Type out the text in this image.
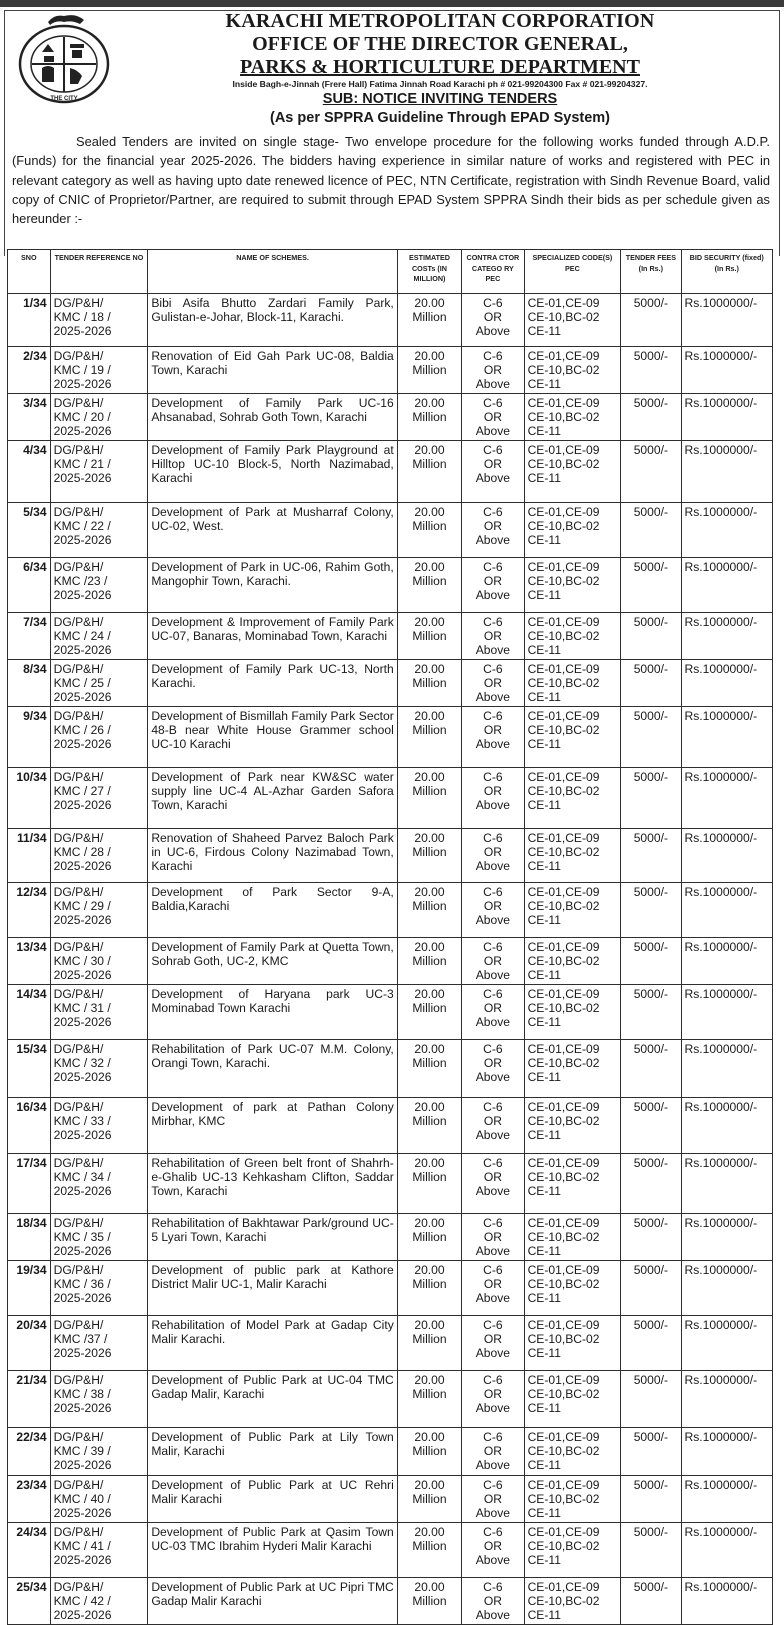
THE CITY
KARACHI METROPOLITAN CORPORATION
OFFICE OF THE DIRECTOR GENERAL,
PARKS & HORTICULTURE DEPARTMENT
Inside Bagh-e-Jinnah (Frere Hall) Fatima Jinnah Road Karachi ph # 021-99204300 Fax # 021-99204327.
SUB: NOTICE INVITING TENDERS
(As per SPPRA Guideline Through EPAD System)
Sealed Tenders are invited on single stage- Two envelope procedure for the following works funded through A.D.P. (Funds) for the financial year 2025-2026. The bidders having experience in similar nature of works and registered with PEC in relevant category as well as having upto date renewed licence of PEC, NTN Certificate, registration with Sindh Revenue Board, valid copy of CNIC of Proprietor/Partner, are required to submit through EPAD System SPPRA Sindh their bids as per schedule given as hereunder :-
SNO	TENDER REFERENCE NO	NAME OF SCHEMES.	ESTIMATED COSTs (IN MILLION)	CONTRA CTOR CATEGO RY PEC	SPECIALIZED CODE(S) PEC	TENDER FEES (In Rs.)	BID SECURITY (fixed) (In Rs.)
1/34	DG/P&H/
KMC / 18 /
2025-2026	Bibi Asifa Bhutto Zardari Family Park, Gulistan-e-Johar, Block-11, Karachi.	20.00
Million	C-6
OR
Above	CE-01,CE-09
CE-10,BC-02
CE-11	5000/-	Rs.1000000/-
2/34	DG/P&H/
KMC / 19 /
2025-2026	Renovation of Eid Gah Park UC-08, Baldia Town, Karachi	20.00
Million	C-6
OR
Above	CE-01,CE-09
CE-10,BC-02
CE-11	5000/-	Rs.1000000/-
3/34	DG/P&H/
KMC / 20 /
2025-2026	Development of Family Park UC-16 Ahsanabad, Sohrab Goth Town, Karachi	20.00
Million	C-6
OR
Above	CE-01,CE-09
CE-10,BC-02
CE-11	5000/-	Rs.1000000/-
4/34	DG/P&H/
KMC / 21 /
2025-2026	Development of Family Park Playground at Hilltop UC-10 Block-5, North Nazimabad, Karachi	20.00
Million	C-6
OR
Above	CE-01,CE-09
CE-10,BC-02
CE-11	5000/-	Rs.1000000/-
5/34	DG/P&H/
KMC / 22 /
2025-2026	Development of Park at Musharraf Colony, UC-02, West.	20.00
Million	C-6
OR
Above	CE-01,CE-09
CE-10,BC-02
CE-11	5000/-	Rs.1000000/-
6/34	DG/P&H/
KMC /23 /
2025-2026	Development of Park in UC-06, Rahim Goth, Mangophir Town, Karachi.	20.00
Million	C-6
OR
Above	CE-01,CE-09
CE-10,BC-02
CE-11	5000/-	Rs.1000000/-
7/34	DG/P&H/
KMC / 24 /
2025-2026	Development & Improvement of Family Park UC-07, Banaras, Mominabad Town, Karachi	20.00
Million	C-6
OR
Above	CE-01,CE-09
CE-10,BC-02
CE-11	5000/-	Rs.1000000/-
8/34	DG/P&H/
KMC / 25 /
2025-2026	Development of Family Park UC-13, North Karachi.	20.00
Million	C-6
OR
Above	CE-01,CE-09
CE-10,BC-02
CE-11	5000/-	Rs.1000000/-
9/34	DG/P&H/
KMC / 26 /
2025-2026	Development of Bismillah Family Park Sector 48-B near White House Grammer school UC-10 Karachi	20.00
Million	C-6
OR
Above	CE-01,CE-09
CE-10,BC-02
CE-11	5000/-	Rs.1000000/-
10/34	DG/P&H/
KMC / 27 /
2025-2026	Development of Park near KW&SC water supply line UC-4 AL-Azhar Garden Safora Town, Karachi	20.00
Million	C-6
OR
Above	CE-01,CE-09
CE-10,BC-02
CE-11	5000/-	Rs.1000000/-
11/34	DG/P&H/
KMC / 28 /
2025-2026	Renovation of Shaheed Parvez Baloch Park in UC-6, Firdous Colony Nazimabad Town, Karachi	20.00
Million	C-6
OR
Above	CE-01,CE-09
CE-10,BC-02
CE-11	5000/-	Rs.1000000/-
12/34	DG/P&H/
KMC / 29 /
2025-2026	Development of Park Sector 9-A, Baldia,Karachi	20.00
Million	C-6
OR
Above	CE-01,CE-09
CE-10,BC-02
CE-11	5000/-	Rs.1000000/-
13/34	DG/P&H/
KMC / 30 /
2025-2026	Development of Family Park at Quetta Town, Sohrab Goth, UC-2, KMC	20.00
Million	C-6
OR
Above	CE-01,CE-09
CE-10,BC-02
CE-11	5000/-	Rs.1000000/-
14/34	DG/P&H/
KMC / 31 /
2025-2026	Development of Haryana park UC-3 Mominabad Town Karachi	20.00
Million	C-6
OR
Above	CE-01,CE-09
CE-10,BC-02
CE-11	5000/-	Rs.1000000/-
15/34	DG/P&H/
KMC / 32 /
2025-2026	Rehabilitation of Park UC-07 M.M. Colony, Orangi Town, Karachi.	20.00
Million	C-6
OR
Above	CE-01,CE-09
CE-10,BC-02
CE-11	5000/-	Rs.1000000/-
16/34	DG/P&H/
KMC / 33 /
2025-2026	Development of park at Pathan Colony Mirbhar, KMC	20.00
Million	C-6
OR
Above	CE-01,CE-09
CE-10,BC-02
CE-11	5000/-	Rs.1000000/-
17/34	DG/P&H/
KMC / 34 /
2025-2026	Rehabilitation of Green belt front of Shahrh-e-Ghalib UC-13 Kehkasham Clifton, Saddar Town, Karachi	20.00
Million	C-6
OR
Above	CE-01,CE-09
CE-10,BC-02
CE-11	5000/-	Rs.1000000/-
18/34	DG/P&H/
KMC / 35 /
2025-2026	Rehabilitation of Bakhtawar Park/ground UC-5 Lyari Town, Karachi	20.00
Million	C-6
OR
Above	CE-01,CE-09
CE-10,BC-02
CE-11	5000/-	Rs.1000000/-
19/34	DG/P&H/
KMC / 36 /
2025-2026	Development of public park at Kathore District Malir UC-1, Malir Karachi	20.00
Million	C-6
OR
Above	CE-01,CE-09
CE-10,BC-02
CE-11	5000/-	Rs.1000000/-
20/34	DG/P&H/
KMC /37 /
2025-2026	Rehabilitation of Model Park at Gadap City Malir Karachi.	20.00
Million	C-6
OR
Above	CE-01,CE-09
CE-10,BC-02
CE-11	5000/-	Rs.1000000/-
21/34	DG/P&H/
KMC / 38 /
2025-2026	Development of Public Park at UC-04 TMC Gadap Malir, Karachi	20.00
Million	C-6
OR
Above	CE-01,CE-09
CE-10,BC-02
CE-11	5000/-	Rs.1000000/-
22/34	DG/P&H/
KMC / 39 /
2025-2026	Development of Public Park at Lily Town Malir, Karachi	20.00
Million	C-6
OR
Above	CE-01,CE-09
CE-10,BC-02
CE-11	5000/-	Rs.1000000/-
23/34	DG/P&H/
KMC / 40 /
2025-2026	Development of Public Park at UC Rehri Malir Karachi	20.00
Million	C-6
OR
Above	CE-01,CE-09
CE-10,BC-02
CE-11	5000/-	Rs.1000000/-
24/34	DG/P&H/
KMC / 41 /
2025-2026	Development of Public Park at Qasim Town UC-03 TMC Ibrahim Hyderi Malir Karachi	20.00
Million	C-6
OR
Above	CE-01,CE-09
CE-10,BC-02
CE-11	5000/-	Rs.1000000/-
25/34	DG/P&H/
KMC / 42 /
2025-2026	Development of Public Park at UC Pipri TMC Gadap Malir Karachi	20.00
Million	C-6
OR
Above	CE-01,CE-09
CE-10,BC-02
CE-11	5000/-	Rs.1000000/-
